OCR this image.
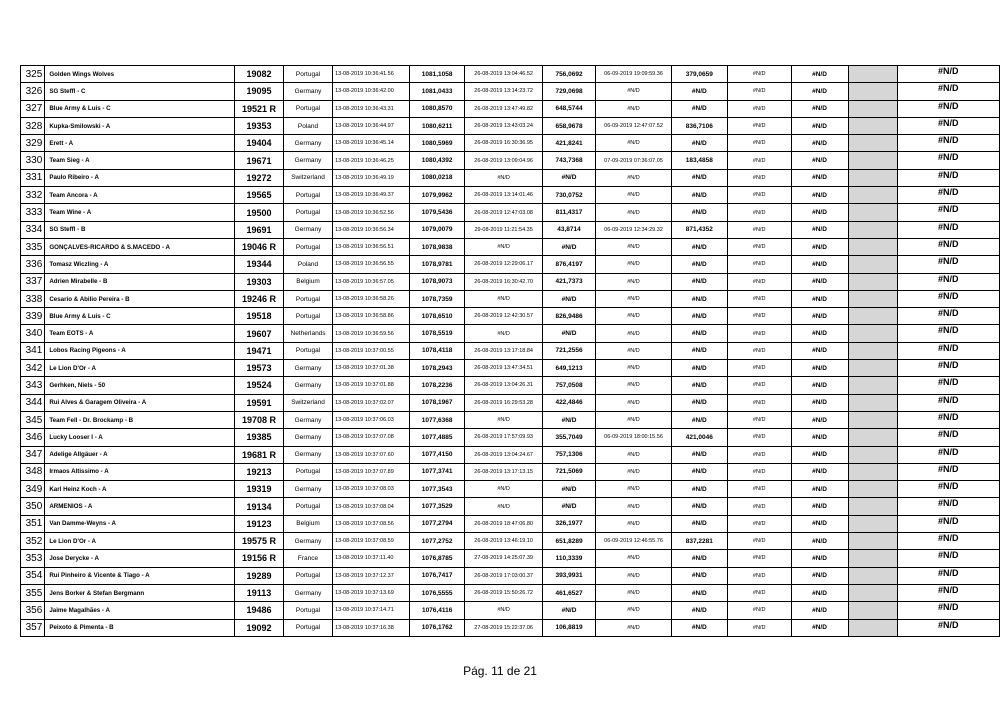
325	Golden Wings Wolves	19082	Portugal	13-08-2019 10:36:41.56	1081,1058	26-08-2019 13:04:46.52	756,0692	06-09-2019 19:09:59.36	379,0659	#N/D	#N/D		#N/D
326	SG Steffl - C	19095	Germany	13-08-2019 10:36:42.00	1081,0433	26-08-2019 13:14:23.72	729,0698	#N/D	#N/D	#N/D	#N/D		#N/D
327	Blue Army & Luis - C	19521 R	Portugal	13-08-2019 10:36:43.31	1080,8570	26-08-2019 13:47:49.82	648,5744	#N/D	#N/D	#N/D	#N/D		#N/D
328	Kupka-Smilowski - A	19353	Poland	13-08-2019 10:36:44.97	1080,6211	26-08-2019 13:43:03.24	658,9678	06-09-2019 12:47:07.52	836,7106	#N/D	#N/D		#N/D
329	Erett - A	19404	Germany	13-08-2019 10:36:45.14	1080,5969	26-08-2019 16:30:36.95	421,8241	#N/D	#N/D	#N/D	#N/D		#N/D
330	Team Sieg - A	19671	Germany	13-08-2019 10:36:46.25	1080,4392	26-08-2019 13:09:04.96	743,7368	07-09-2019 07:36:07.05	183,4858	#N/D	#N/D		#N/D
331	Paulo Ribeiro - A	19272	Switzerland	13-08-2019 10:36:49.19	1080,0218	#N/D	#N/D	#N/D	#N/D	#N/D	#N/D		#N/D
332	Team Ancora - A	19565	Portugal	13-08-2019 10:36:49.37	1079,9962	26-08-2019 13:14:01.46	730,0752	#N/D	#N/D	#N/D	#N/D		#N/D
333	Team Wine - A	19500	Portugal	13-08-2019 10:36:52.56	1079,5436	26-08-2019 12:47:03.08	811,4317	#N/D	#N/D	#N/D	#N/D		#N/D
334	SG Steffl - B	19691	Germany	13-08-2019 10:36:56.34	1079,0079	29-08-2019 11:21:54.35	43,8714	06-09-2019 12:34:29.32	871,4352	#N/D	#N/D		#N/D
335	GONÇALVES-RICARDO & S.MACEDO - A	19046 R	Portugal	13-08-2019 10:36:56.51	1078,9838	#N/D	#N/D	#N/D	#N/D	#N/D	#N/D		#N/D
336	Tomasz Wiczling - A	19344	Poland	13-08-2019 10:36:56.55	1078,9781	26-08-2019 12:29:06.17	876,4197	#N/D	#N/D	#N/D	#N/D		#N/D
337	Adrien Mirabelle - B	19303	Belgium	13-08-2019 10:36:57.05	1078,9073	26-08-2019 16:30:42.70	421,7373	#N/D	#N/D	#N/D	#N/D		#N/D
338	Cesario & Abilio Pereira - B	19246 R	Portugal	13-08-2019 10:36:58.26	1078,7359	#N/D	#N/D	#N/D	#N/D	#N/D	#N/D		#N/D
339	Blue Army & Luis - C	19518	Portugal	13-08-2019 10:36:58.86	1078,6510	26-08-2019 12:42:30.57	826,9486	#N/D	#N/D	#N/D	#N/D		#N/D
340	Team EOTS - A	19607	Netherlands	13-08-2019 10:36:59.56	1078,5519	#N/D	#N/D	#N/D	#N/D	#N/D	#N/D		#N/D
341	Lobos Racing Pigeons - A	19471	Portugal	13-08-2019 10:37:00.55	1078,4118	26-08-2019 13:17:18.84	721,2556	#N/D	#N/D	#N/D	#N/D		#N/D
342	Le Lion D'Or - A	19573	Germany	13-08-2019 10:37:01.38	1078,2943	26-08-2019 13:47:34.51	649,1213	#N/D	#N/D	#N/D	#N/D		#N/D
343	Gerhken, Niels - 50	19524	Germany	13-08-2019 10:37:01.88	1078,2236	26-08-2019 13:04:26.31	757,0508	#N/D	#N/D	#N/D	#N/D		#N/D
344	Rui Alves & Garagem Oliveira - A	19591	Switzerland	13-08-2019 10:37:02.07	1078,1967	26-08-2019 16:29:53.28	422,4846	#N/D	#N/D	#N/D	#N/D		#N/D
345	Team Fell - Dr. Brockamp - B	19708 R	Germany	13-08-2019 10:37:06.03	1077,6368	#N/D	#N/D	#N/D	#N/D	#N/D	#N/D		#N/D
346	Lucky Looser I - A	19385	Germany	13-08-2019 10:37:07.08	1077,4885	26-08-2019 17:57:09.93	355,7049	06-09-2019 18:00:15.56	421,0046	#N/D	#N/D		#N/D
347	Adelige Allgäuer - A	19681 R	Germany	13-08-2019 10:37:07.60	1077,4150	26-08-2019 13:04:24.67	757,1306	#N/D	#N/D	#N/D	#N/D		#N/D
348	Irmaos Altissimo - A	19213	Portugal	13-08-2019 10:37:07.89	1077,3741	26-08-2019 13:17:13.15	721,5069	#N/D	#N/D	#N/D	#N/D		#N/D
349	Karl Heinz Koch - A	19319	Germany	13-08-2019 10:37:08.03	1077,3543	#N/D	#N/D	#N/D	#N/D	#N/D	#N/D		#N/D
350	ARMENIOS - A	19134	Portugal	13-08-2019 10:37:08.04	1077,3529	#N/D	#N/D	#N/D	#N/D	#N/D	#N/D		#N/D
351	Van Damme-Weyns - A	19123	Belgium	13-08-2019 10:37:08.56	1077,2794	26-08-2019 18:47:06.80	326,1977	#N/D	#N/D	#N/D	#N/D		#N/D
352	Le Lion D'Or - A	19575 R	Germany	13-08-2019 10:37:08.59	1077,2752	26-08-2019 13:46:19.10	651,8289	06-09-2019 12:46:55.76	837,2281	#N/D	#N/D		#N/D
353	Jose Derycke - A	19156 R	France	13-08-2019 10:37:11.40	1076,8785	27-08-2019 14:25:07.39	110,3339	#N/D	#N/D	#N/D	#N/D		#N/D
354	Rui Pinheiro & Vicente & Tiago - A	19289	Portugal	13-08-2019 10:37:12.37	1076,7417	26-08-2019 17:03:00.37	393,9931	#N/D	#N/D	#N/D	#N/D		#N/D
355	Jens Borker & Stefan Bergmann	19113	Germany	13-08-2019 10:37:13.69	1076,5555	26-08-2019 15:50:26.72	461,6527	#N/D	#N/D	#N/D	#N/D		#N/D
356	Jaime Magalhães - A	19486	Portugal	13-08-2019 10:37:14.71	1076,4116	#N/D	#N/D	#N/D	#N/D	#N/D	#N/D		#N/D
357	Peixoto & Pimenta - B	19092	Portugal	13-08-2019 10:37:16.38	1076,1762	27-08-2019 15:22:37.06	106,8819	#N/D	#N/D	#N/D	#N/D		#N/D
Pág. 11 de 21
